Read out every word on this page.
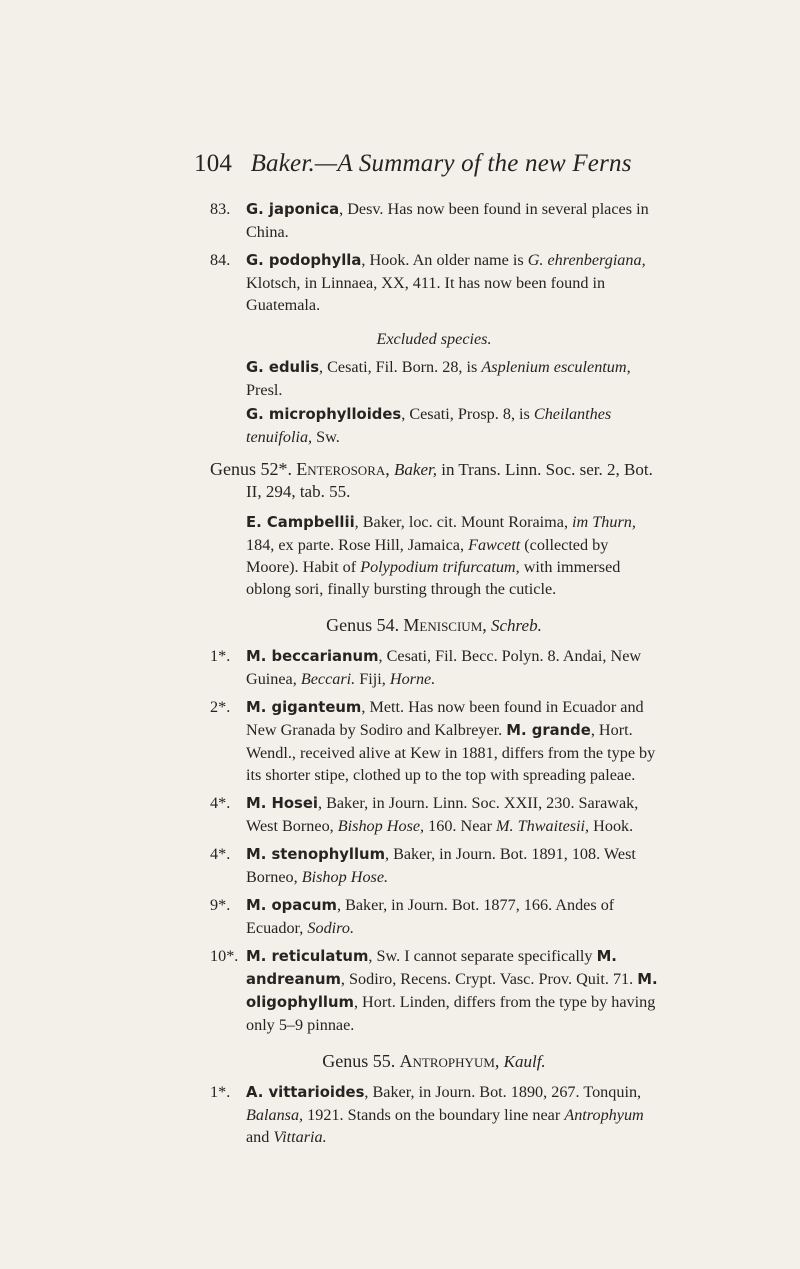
104 Baker.—A Summary of the new Ferns
83. G. japonica, Desv. Has now been found in several places in China.
84. G. podophylla, Hook. An older name is G. ehrenbergiana, Klotsch, in Linnaea, XX, 411. It has now been found in Guatemala.
Excluded species.
G. edulis, Cesati, Fil. Born. 28, is Asplenium esculentum, Presl.
G. microphylloides, Cesati, Prosp. 8, is Cheilanthes tenuifolia, Sw.
Genus 52*. Enterosora, Baker, in Trans. Linn. Soc. ser. 2, Bot. II, 294, tab. 55.
E. Campbellii, Baker, loc. cit. Mount Roraima, im Thurn, 184, ex parte. Rose Hill, Jamaica, Fawcett (collected by Moore). Habit of Polypodium trifurcatum, with immersed oblong sori, finally bursting through the cuticle.
Genus 54. Meniscium, Schreb.
1*. M. beccarianum, Cesati, Fil. Becc. Polyn. 8. Andai, New Guinea, Beccari. Fiji, Horne.
2*. M. giganteum, Mett. Has now been found in Ecuador and New Granada by Sodiro and Kalbreyer. M. grande, Hort. Wendl., received alive at Kew in 1881, differs from the type by its shorter stipe, clothed up to the top with spreading paleae.
4*. M. Hosei, Baker, in Journ. Linn. Soc. XXII, 230. Sarawak, West Borneo, Bishop Hose, 160. Near M. Thwaitesii, Hook.
4*. M. stenophyllum, Baker, in Journ. Bot. 1891, 108. West Borneo, Bishop Hose.
9*. M. opacum, Baker, in Journ. Bot. 1877, 166. Andes of Ecuador, Sodiro.
10*. M. reticulatum, Sw. I cannot separate specifically M. andreanum, Sodiro, Recens. Crypt. Vasc. Prov. Quit. 71. M. oligophyllum, Hort. Linden, differs from the type by having only 5–9 pinnae.
Genus 55. Antrophyum, Kaulf.
1*. A. vittarioides, Baker, in Journ. Bot. 1890, 267. Tonquin, Balansa, 1921. Stands on the boundary line near Antrophyum and Vittaria.
